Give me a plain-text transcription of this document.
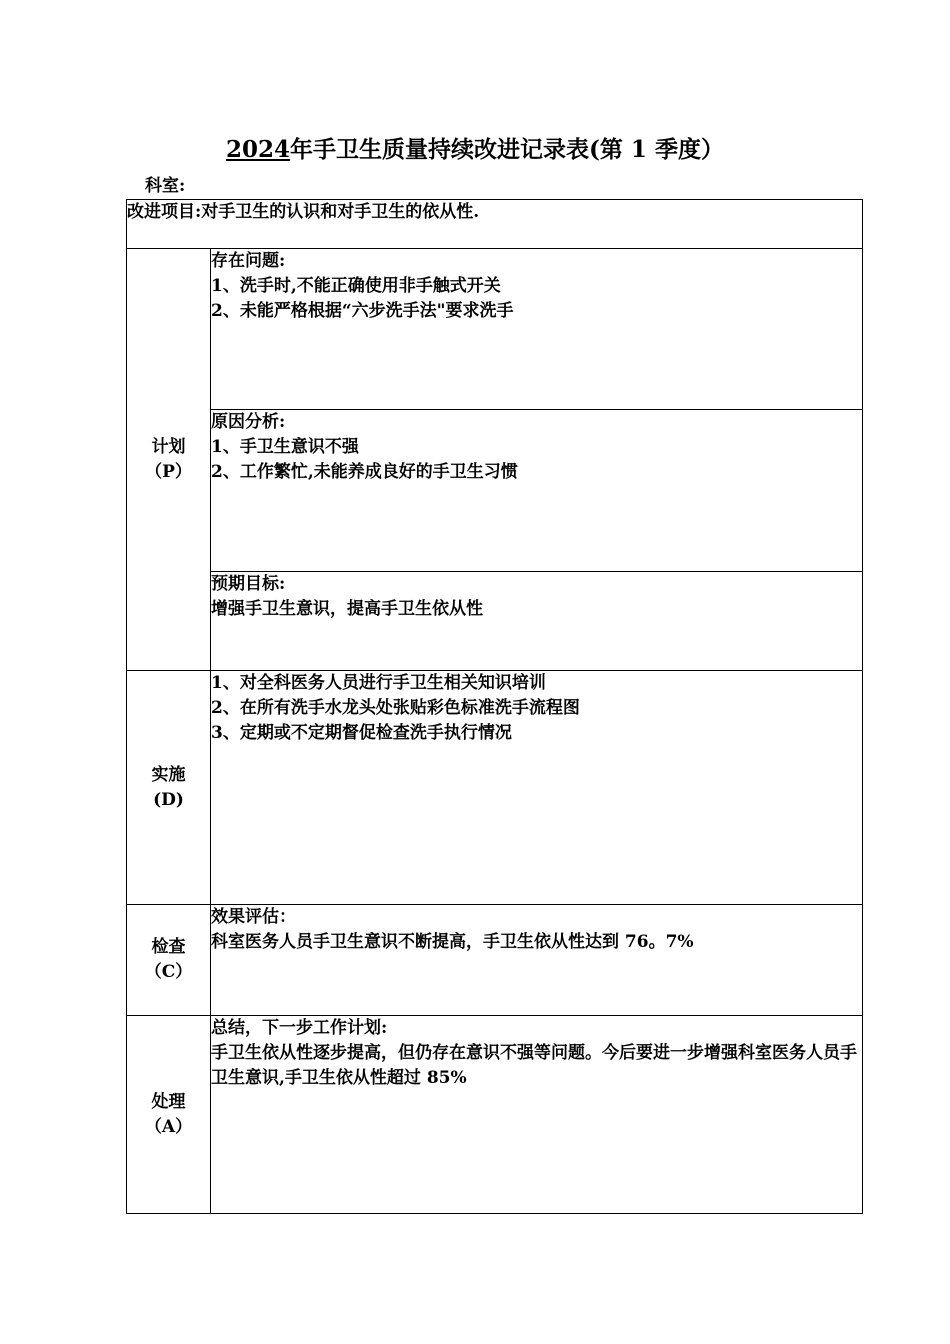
2024年手卫生质量持续改进记录表(第 1 季度）
科室:
改进项目:对手卫生的认识和对手卫生的依从性.	

计划
（P）	存在问题:
1、洗手时,不能正确使用非手触式开关
2、未能严格根据“六步洗手法"要求洗手

	原因分析:
1、手卫生意识不强
2、工作繁忙,未能养成良好的手卫生习惯

	预期目标:
增强手卫生意识，提高手卫生依从性

实施
(D)	1、对全科医务人员进行手卫生相关知识培训
2、在所有洗手水龙头处张贴彩色标准洗手流程图
3、定期或不定期督促检查洗手执行情况

检查
（C）	效果评估：
科室医务人员手卫生意识不断提高，手卫生依从性达到 76。7%

处理
（A）	总结，下一步工作计划:
手卫生依从性逐步提高，但仍存在意识不强等问题。今后要进一步增强科室医务人员手卫生意识,手卫生依从性超过 85%
